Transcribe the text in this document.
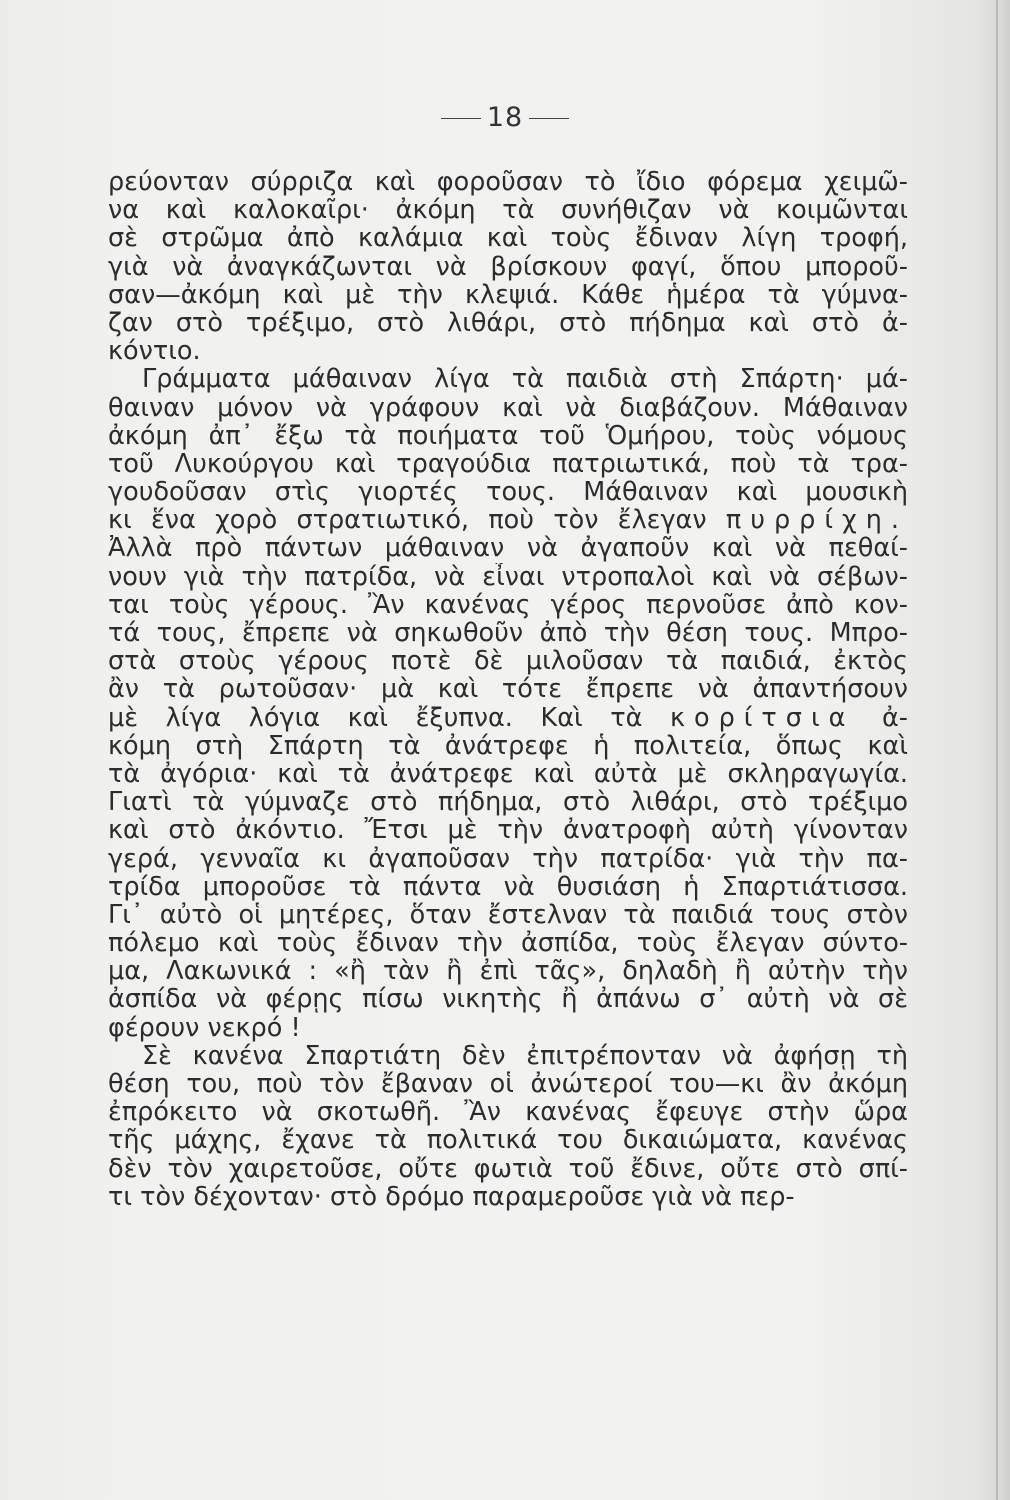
18
ρεύονταν σύρριζα καὶ φοροῦσαν τὸ ἴδιο φόρεμα χειμῶ-
να καὶ καλοκαῖρι· ἀκόμη τὰ συνήθιζαν νὰ κοιμῶνται
σὲ στρῶμα ἀπὸ καλάμια καὶ τοὺς ἔδιναν λίγη τροφή,
γιὰ νὰ ἀναγκάζωνται νὰ βρίσκουν φαγί, ὅπου μποροῦ-
σαν—ἀκόμη καὶ μὲ τὴν κλεψιά. Κάθε ἡμέρα τὰ γύμνα-
ζαν στὸ τρέξιμο, στὸ λιθάρι, στὸ πήδημα καὶ στὸ ἀ-
κόντιο.
Γράμματα μάθαιναν λίγα τὰ παιδιὰ στὴ Σπάρτη· μά-
θαιναν μόνον νὰ γράφουν καὶ νὰ διαβάζουν. Μάθαιναν
ἀκόμη ἀπ᾽ ἔξω τὰ ποιήματα τοῦ Ὁμήρου, τοὺς νόμους
τοῦ Λυκούργου καὶ τραγούδια πατριωτικά, ποὺ τὰ τρα-
γουδοῦσαν στὶς γιορτές τους. Μάθαιναν καὶ μουσικὴ
κι ἕνα χορὸ στρατιωτικό, ποὺ τὸν ἔλεγαν πυρρίχη.
Ἀλλὰ πρὸ πάντων μάθαιναν νὰ ἀγαποῦν καὶ νὰ πεθαί-
νουν γιὰ τὴν πατρίδα, νὰ εἶναι ντροπαλοὶ καὶ νὰ σέβων-
ται τοὺς γέρους. Ἂν κανένας γέρος περνοῦσε ἀπὸ κον-
τά τους, ἔπρεπε νὰ σηκωθοῦν ἀπὸ τὴν θέση τους. Μπρο-
στὰ στοὺς γέρους ποτὲ δὲ μιλοῦσαν τὰ παιδιά, ἐκτὸς
ἂν τὰ ρωτοῦσαν· μὰ καὶ τότε ἔπρεπε νὰ ἀπαντήσουν
μὲ λίγα λόγια καὶ ἔξυπνα. Καὶ τὰ κορίτσια ἀ-
κόμη στὴ Σπάρτη τὰ ἀνάτρεφε ἡ πολιτεία, ὅπως καὶ
τὰ ἀγόρια· καὶ τὰ ἀνάτρεφε καὶ αὐτὰ μὲ σκληραγωγία.
Γιατὶ τὰ γύμναζε στὸ πήδημα, στὸ λιθάρι, στὸ τρέξιμο
καὶ στὸ ἀκόντιο. Ἔτσι μὲ τὴν ἀνατροφὴ αὐτὴ γίνονταν
γερά, γενναῖα κι ἀγαποῦσαν τὴν πατρίδα· γιὰ τὴν πα-
τρίδα μποροῦσε τὰ πάντα νὰ θυσιάση ἡ Σπαρτιάτισσα.
Γι᾽ αὐτὸ οἱ μητέρες, ὅταν ἔστελναν τὰ παιδιά τους στὸν
πόλεμο καὶ τοὺς ἔδιναν τὴν ἀσπίδα, τοὺς ἔλεγαν σύντο-
μα, Λακωνικά : «ἢ τὰν ἢ ἐπὶ τᾶς», δηλαδὴ ἢ αὐτὴν τὴν
ἀσπίδα νὰ φέρῃς πίσω νικητὴς ἢ ἀπάνω σ᾽ αὐτὴ νὰ σὲ
φέρουν νεκρό !
Σὲ κανένα Σπαρτιάτη δὲν ἐπιτρέπονταν νὰ ἀφήσῃ τὴ
θέση του, ποὺ τὸν ἔβαναν οἱ ἀνώτεροί του—κι ἂν ἀκόμη
ἐπρόκειτο νὰ σκοτωθῆ. Ἂν κανένας ἔφευγε στὴν ὥρα
τῆς μάχης, ἔχανε τὰ πολιτικά του δικαιώματα, κανένας
δὲν τὸν χαιρετοῦσε, οὔτε φωτιὰ τοῦ ἔδινε, οὔτε στὸ σπί-
τι τὸν δέχονταν· στὸ δρόμο παραμεροῦσε γιὰ νὰ περ-
